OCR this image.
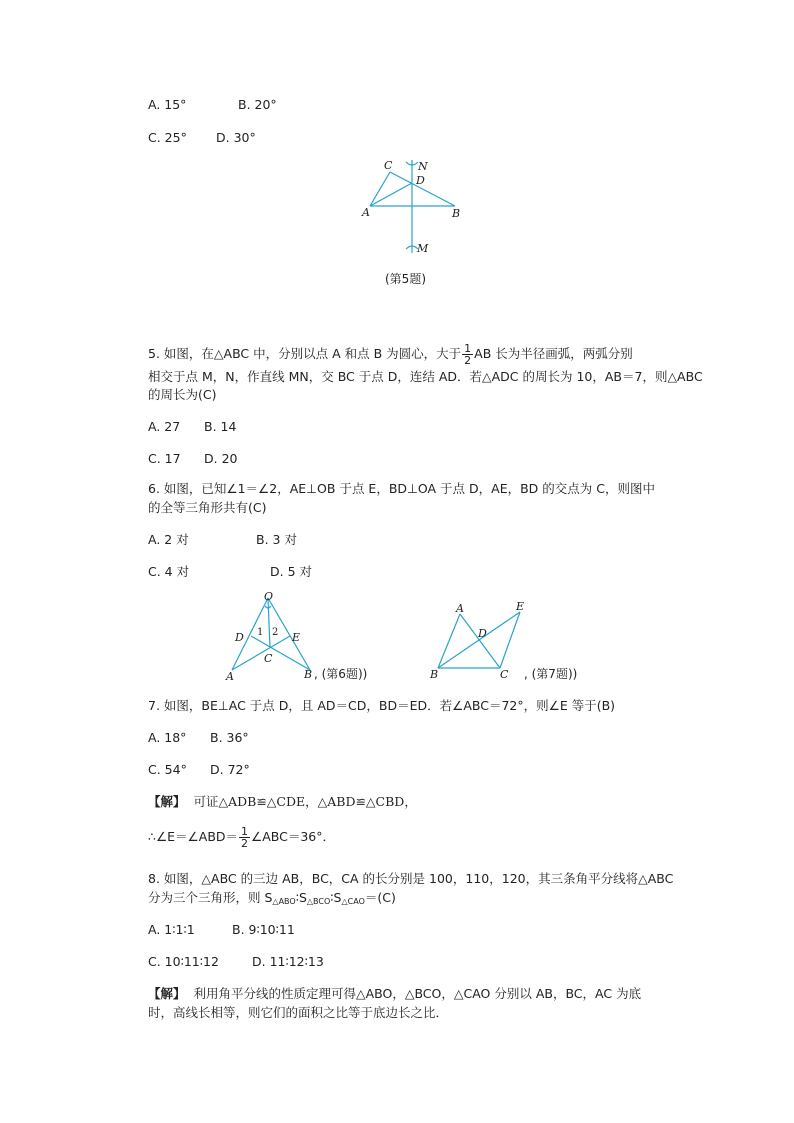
A. 15°	B. 20°
C. 25° D. 30°
C N
D
A	B
M
(第5题)
5. 如图，在△ABC 中，分别以点 A 和点 B 为圆心，大于 $\frac{1}{2}$ AB 长为半径画弧，两弧分别
相交于点 M，N，作直线 MN，交 BC 于点 D，连结 AD．若△ADC 的周长为 10，AB＝7，则△ABC
的周长为(C)
A. 27 B. 14
C. 17 D. 20
6. 如图，已知∠1＝∠2，AE⊥OB 于点 E，BD⊥OA 于点 D，AE，BD 的交点为 C，则图中
的全等三角形共有(C)
A. 2 对	B. 3 对
C. 4 对	D. 5 对
O
D 1 2 E
C
A	B , (第6题))
A	E
D
B	C , (第7题))
7. 如图，BE⊥AC 于点 D，且 AD＝CD，BD＝ED．若∠ABC＝72°，则∠E 等于(B)
A. 18° B. 36°
C. 54° D. 72°
【解】 可证△ADB≌△CDE，△ABD≌△CBD，
∴∠E＝∠ABD＝ $\frac{1}{2}$ ∠ABC＝36°．
8. 如图，△ABC 的三边 AB，BC，CA 的长分别是 100，110，120，其三条角平分线将△ABC
分为三个三角形，则 $S_{\triangle ABO}∶S_{\triangle BCO}∶S_{\triangle CAO}=(C)$
A. 1∶1∶1	B. 9∶10∶11
C. 10∶11∶12	D. 11∶12∶13
【解】 利用角平分线的性质定理可得△ABO，△BCO，△CAO 分别以 AB，BC，AC 为底
时，高线长相等，则它们的面积之比等于底边长之比．
